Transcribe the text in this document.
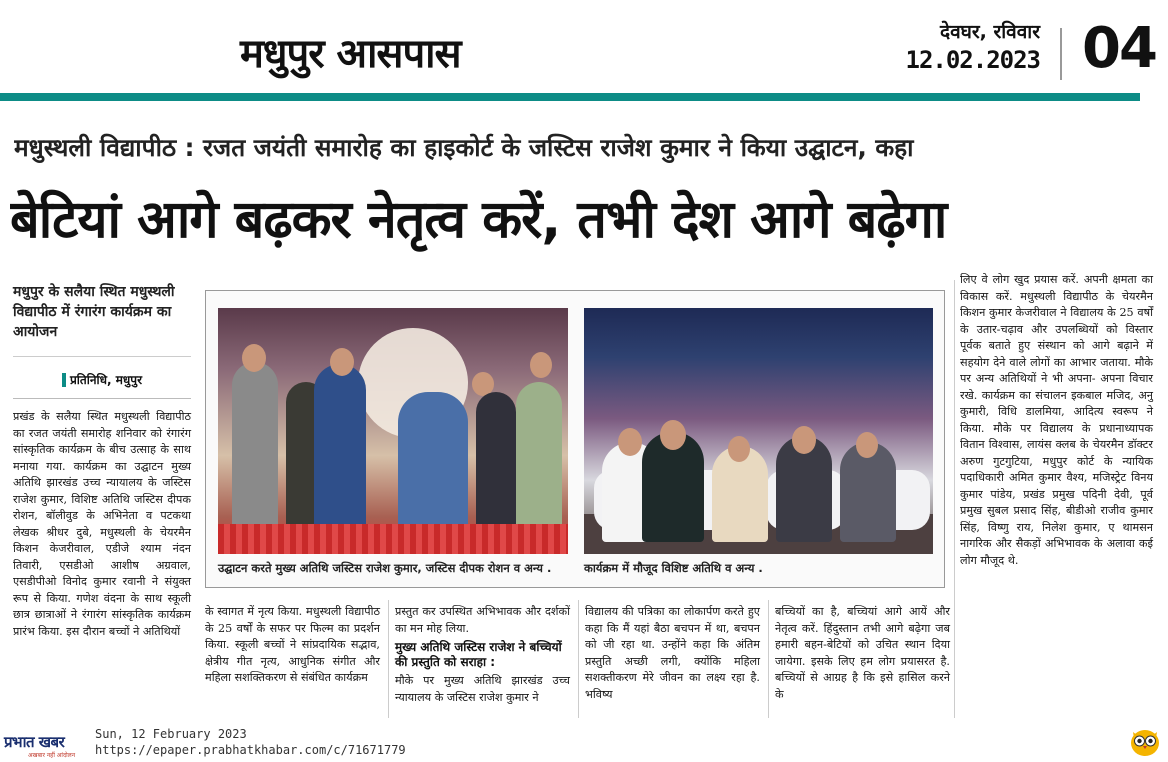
मधुपुर आसपास	देवघर, रविवार
12.02.2023 04
मधुस्थली विद्यापीठ : रजत जयंती समारोह का हाइकोर्ट के जस्टिस राजेश कुमार ने किया उद्घाटन, कहा
बेटियां आगे बढ़कर नेतृत्व करें, तभी देश आगे बढ़ेगा
मधुपुर के सलैया स्थित मधुस्थली विद्यापीठ में रंगारंग कार्यक्रम का आयोजन
प्रतिनिधि, मधुपुर
प्रखंड के सलैया स्थित मधुस्थली विद्यापीठ का रजत जयंती समारोह शनिवार को रंगारंग सांस्कृतिक कार्यक्रम के बीच उत्साह के साथ मनाया गया. कार्यक्रम का उद्घाटन मुख्य अतिथि झारखंड उच्च न्यायालय के जस्टिस राजेश कुमार, विशिष्ट अतिथि जस्टिस दीपक रोशन, बॉलीवुड के अभिनेता व पटकथा लेखक श्रीधर दुबे, मधुस्थली के चेयरमैन किशन केजरीवाल, एडीजे श्याम नंदन तिवारी, एसडीओ आशीष अग्रवाल, एसडीपीओ विनोद कुमार रवानी ने संयुक्त रूप से किया. गणेश वंदना के साथ स्कूली छात्र छात्राओं ने रंगारंग सांस्कृतिक कार्यक्रम प्रारंभ किया. इस दौरान बच्चों ने अतिथियों
उद्घाटन करते मुख्य अतिथि जस्टिस राजेश कुमार, जस्टिस दीपक रोशन व अन्य .	कार्यक्रम में मौजूद विशिष्ट अतिथि व अन्य .
के स्वागत में नृत्य किया. मधुस्थली विद्यापीठ के 25 वर्षों के सफर पर फिल्म का प्रदर्शन किया. स्कूली बच्चों ने सांप्रदायिक सद्भाव, क्षेत्रीय गीत नृत्य, आधुनिक संगीत और महिला सशक्तिकरण से संबंधित कार्यक्रम
प्रस्तुत कर उपस्थित अभिभावक और दर्शकों का मन मोह लिया.
मुख्य अतिथि जस्टिस राजेश ने बच्चियों की प्रस्तुति को सराहा :
मौके पर मुख्य अतिथि झारखंड उच्च न्यायालय के जस्टिस राजेश कुमार ने
विद्यालय की पत्रिका का लोकार्पण करते हुए कहा कि मैं यहां बैठा बचपन में था, बचपन को जी रहा था. उन्होंने कहा कि अंतिम प्रस्तुति अच्छी लगी, क्योंकि महिला सशक्तीकरण मेरे जीवन का लक्ष्य रहा है. भविष्य
बच्चियों का है, बच्चियां आगे आयें और नेतृत्व करें. हिंदुस्तान तभी आगे बढ़ेगा जब हमारी बहन-बेटियों को उचित स्थान दिया जायेगा. इसके लिए हम लोग प्रयासरत है. बच्चियों से आग्रह है कि इसे हासिल करने के
लिए वे लोग खुद प्रयास करें. अपनी क्षमता का विकास करें. मधुस्थली विद्यापीठ के चेयरमैन किशन कुमार केजरीवाल ने विद्यालय के 25 वर्षों के उतार-चढ़ाव और उपलब्धियों को विस्तार पूर्वक बताते हुए संस्थान को आगे बढ़ाने में सहयोग देने वाले लोगों का आभार जताया. मौके पर अन्य अतिथियों ने भी अपना- अपना विचार रखे. कार्यक्रम का संचालन इकबाल मजिद, अनु कुमारी, विधि डालमिया, आदित्य स्वरूप ने किया. मौके पर विद्यालय के प्रधानाध्यापक वितान विश्वास, लायंस क्लब के चेयरमैन डॉक्टर अरुण गुटगुटिया, मधुपुर कोर्ट के न्यायिक पदाधिकारी अमित कुमार वैश्य, मजिस्ट्रेट विनय कुमार पांडेय, प्रखंड प्रमुख पदिनी देवी, पूर्व प्रमुख सुबल प्रसाद सिंह, बीडीओ राजीव कुमार सिंह, विष्णु राय, निलेश कुमार, ए थामसन नागरिक और सैकड़ों अभिभावक के अलावा कई लोग मौजूद थे.
प्रभात खबर
अखबार नहीं आंदोलन
Sun, 12 February 2023
https://epaper.prabhatkhabar.com/c/71671779
